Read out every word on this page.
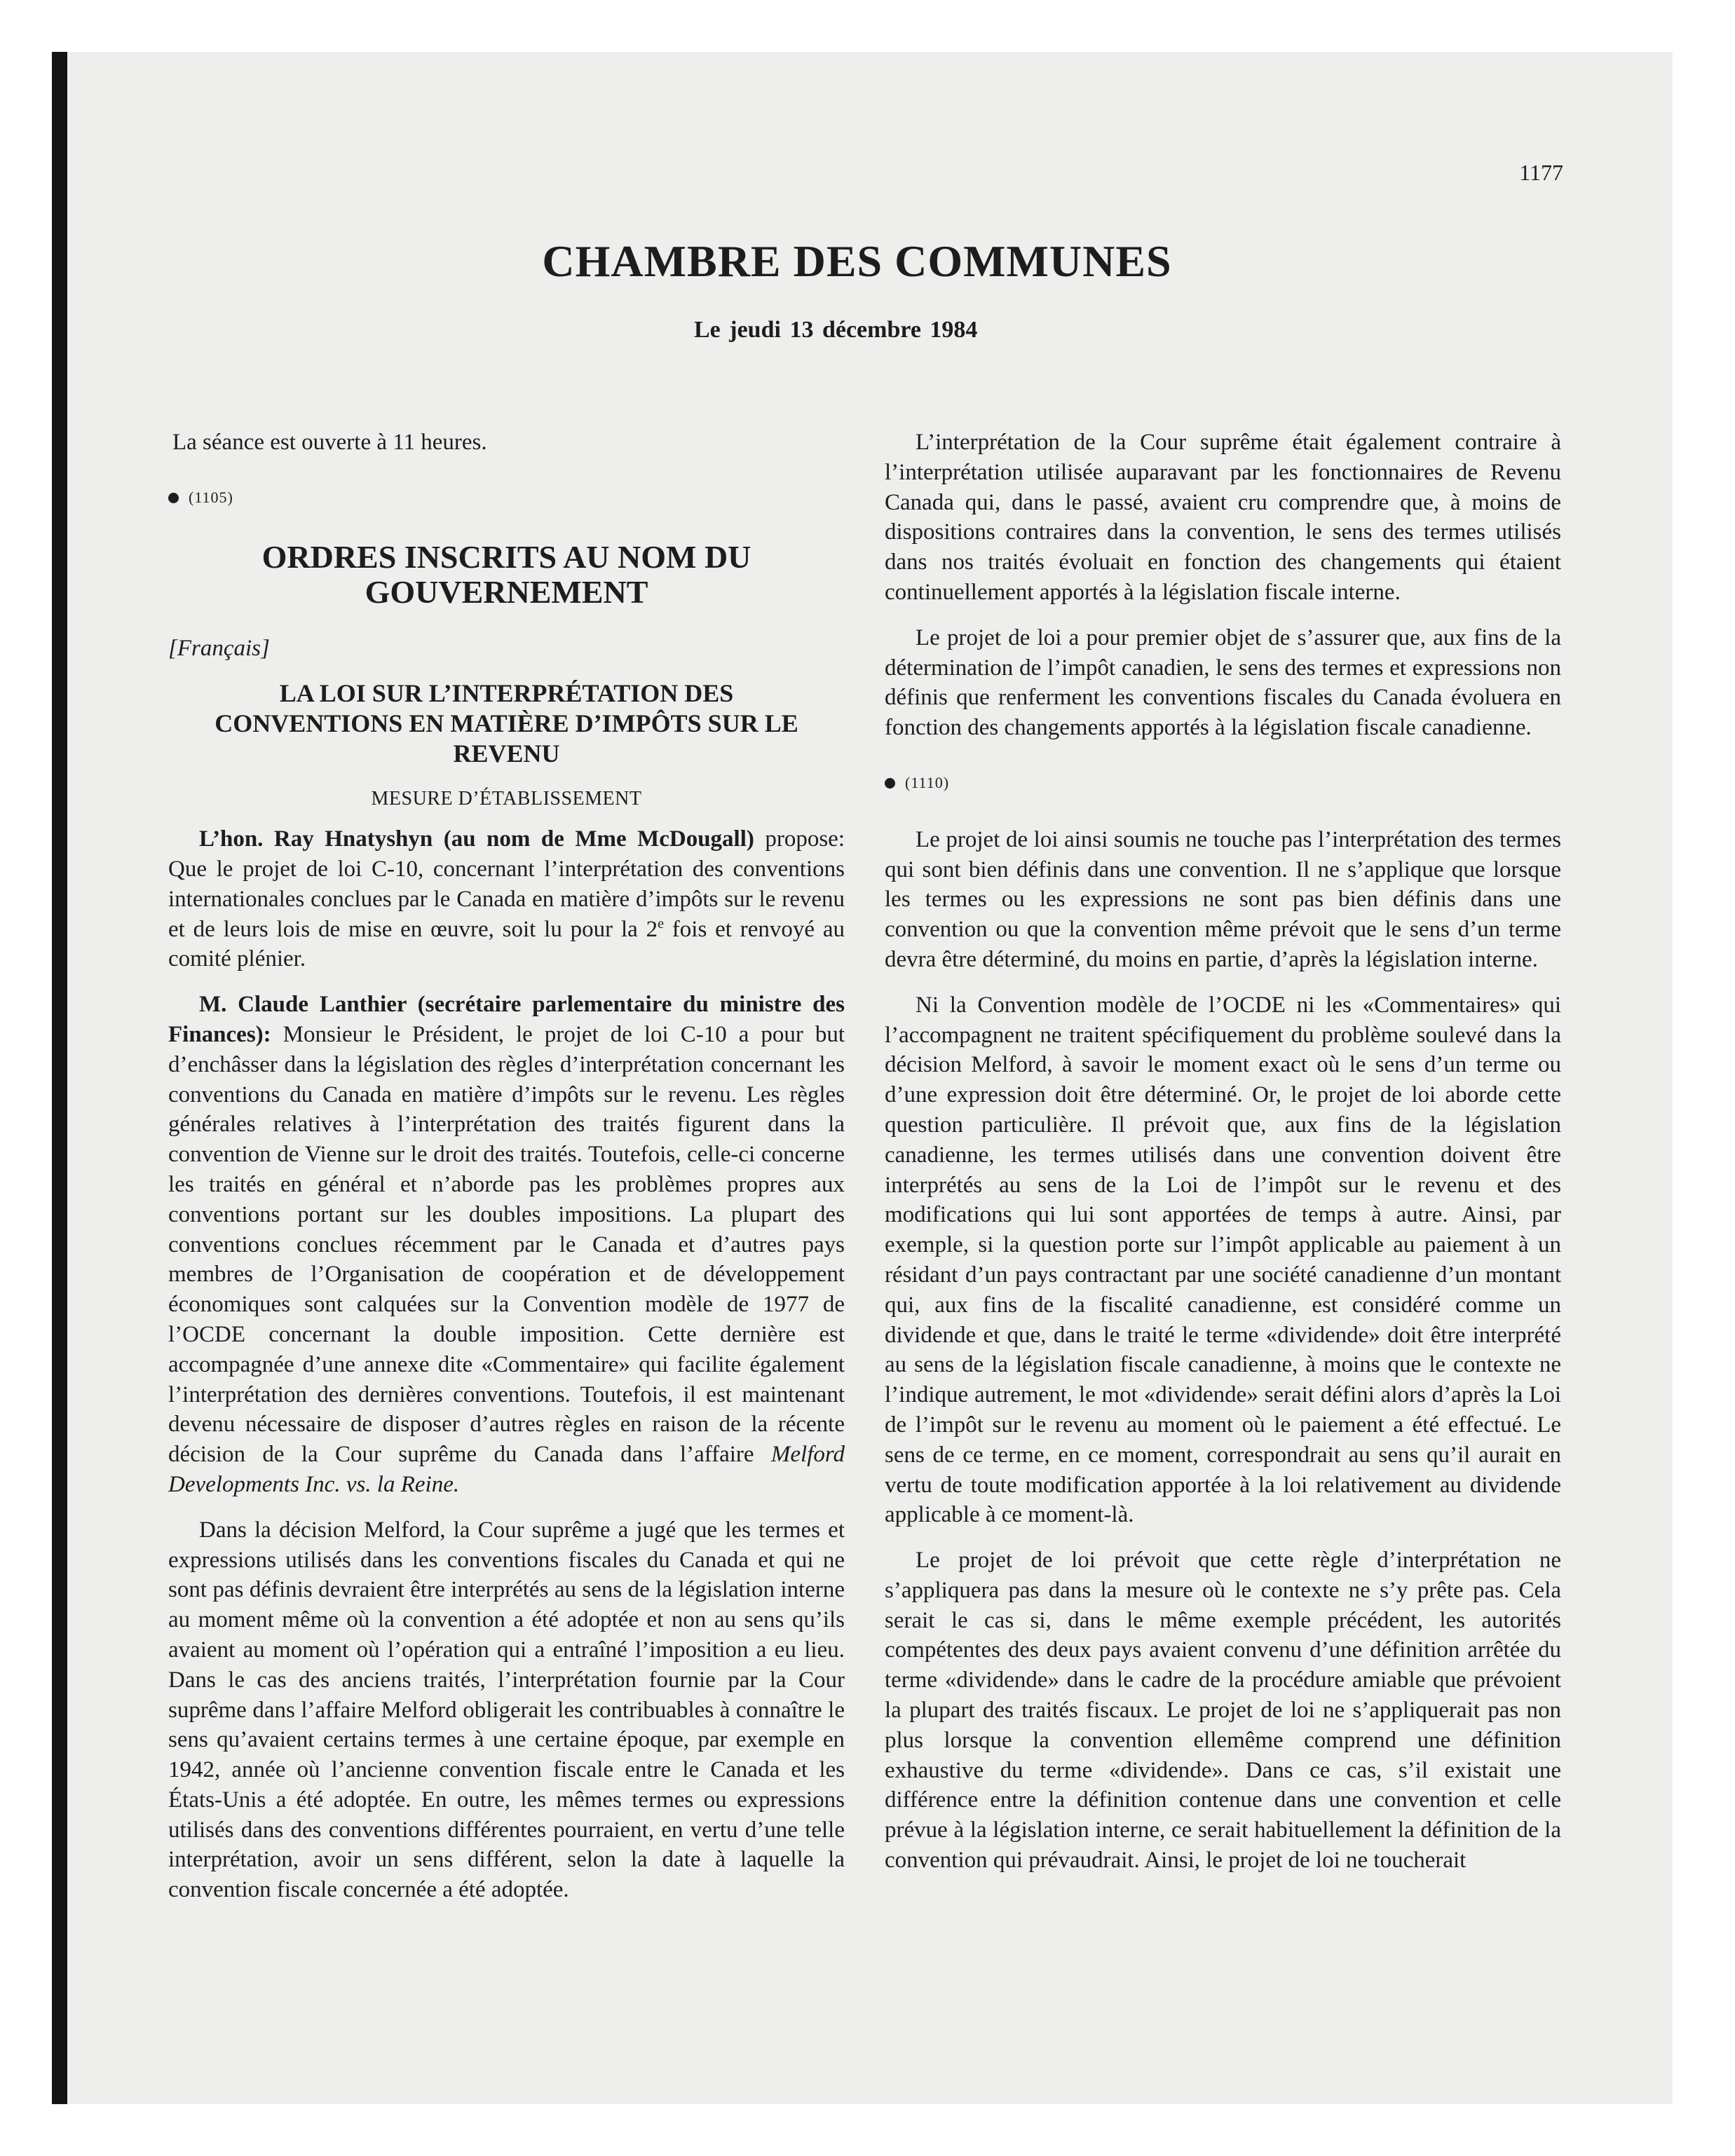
1177
CHAMBRE DES COMMUNES
Le jeudi 13 décembre 1984

La séance est ouverte à 11 heures.

(1105)
ORDRES INSCRITS AU NOM DU GOUVERNEMENT
[Français]
LA LOI SUR L’INTERPRÉTATION DES CONVENTIONS EN MATIÈRE D’IMPÔTS SUR LE REVENU
MESURE D’ÉTABLISSEMENT

L’hon. Ray Hnatyshyn (au nom de Mme McDougall) propose: Que le projet de loi C-10, concernant l’interprétation des conventions internationales conclues par le Canada en matière d’impôts sur le revenu et de leurs lois de mise en œuvre, soit lu pour la 2e fois et renvoyé au comité plénier.

M. Claude Lanthier (secrétaire parlementaire du ministre des Finances): Monsieur le Président, le projet de loi C-10 a pour but d’enchâsser dans la législation des règles d’interprétation concernant les conventions du Canada en matière d’impôts sur le revenu. Les règles générales relatives à l’interprétation des traités figurent dans la convention de Vienne sur le droit des traités. Toutefois, celle-ci concerne les traités en général et n’aborde pas les problèmes propres aux conventions portant sur les doubles impositions. La plupart des conventions conclues récemment par le Canada et d’autres pays membres de l’Organisation de coopération et de développement économiques sont calquées sur la Convention modèle de 1977 de l’OCDE concernant la double imposition. Cette dernière est accompagnée d’une annexe dite «Commentaire» qui facilite également l’interprétation des dernières conventions. Toutefois, il est maintenant devenu nécessaire de disposer d’autres règles en raison de la récente décision de la Cour suprême du Canada dans l’affaire Melford Developments Inc. vs. la Reine.

Dans la décision Melford, la Cour suprême a jugé que les termes et expressions utilisés dans les conventions fiscales du Canada et qui ne sont pas définis devraient être interprétés au sens de la législation interne au moment même où la convention a été adoptée et non au sens qu’ils avaient au moment où l’opération qui a entraîné l’imposition a eu lieu. Dans le cas des anciens traités, l’interprétation fournie par la Cour suprême dans l’affaire Melford obligerait les contribuables à connaître le sens qu’avaient certains termes à une certaine époque, par exemple en 1942, année où l’ancienne convention fiscale entre le Canada et les États-Unis a été adoptée. En outre, les mêmes termes ou expressions utilisés dans des conventions différentes pourraient, en vertu d’une telle interprétation, avoir un sens différent, selon la date à laquelle la convention fiscale concernée a été adoptée.

L’interprétation de la Cour suprême était également contraire à l’interprétation utilisée auparavant par les fonctionnaires de Revenu Canada qui, dans le passé, avaient cru comprendre que, à moins de dispositions contraires dans la convention, le sens des termes utilisés dans nos traités évoluait en fonction des changements qui étaient continuellement apportés à la législation fiscale interne.

Le projet de loi a pour premier objet de s’assurer que, aux fins de la détermination de l’impôt canadien, le sens des termes et expressions non définis que renferment les conventions fiscales du Canada évoluera en fonction des changements apportés à la législation fiscale canadienne.

(1110)

Le projet de loi ainsi soumis ne touche pas l’interprétation des termes qui sont bien définis dans une convention. Il ne s’applique que lorsque les termes ou les expressions ne sont pas bien définis dans une convention ou que la convention même prévoit que le sens d’un terme devra être déterminé, du moins en partie, d’après la législation interne.

Ni la Convention modèle de l’OCDE ni les «Commentaires» qui l’accompagnent ne traitent spécifiquement du problème soulevé dans la décision Melford, à savoir le moment exact où le sens d’un terme ou d’une expression doit être déterminé. Or, le projet de loi aborde cette question particulière. Il prévoit que, aux fins de la législation canadienne, les termes utilisés dans une convention doivent être interprétés au sens de la Loi de l’impôt sur le revenu et des modifications qui lui sont apportées de temps à autre. Ainsi, par exemple, si la question porte sur l’impôt applicable au paiement à un résidant d’un pays contractant par une société canadienne d’un montant qui, aux fins de la fiscalité canadienne, est considéré comme un dividende et que, dans le traité le terme «dividende» doit être interprété au sens de la législation fiscale canadienne, à moins que le contexte ne l’indique autrement, le mot «dividende» serait défini alors d’après la Loi de l’impôt sur le revenu au moment où le paiement a été effectué. Le sens de ce terme, en ce moment, correspondrait au sens qu’il aurait en vertu de toute modification apportée à la loi relativement au dividende applicable à ce moment-là.

Le projet de loi prévoit que cette règle d’interprétation ne s’appliquera pas dans la mesure où le contexte ne s’y prête pas. Cela serait le cas si, dans le même exemple précédent, les autorités compétentes des deux pays avaient convenu d’une définition arrêtée du terme «dividende» dans le cadre de la procédure amiable que prévoient la plupart des traités fiscaux. Le projet de loi ne s’appliquerait pas non plus lorsque la convention ellemême comprend une définition exhaustive du terme «dividende». Dans ce cas, s’il existait une différence entre la définition contenue dans une convention et celle prévue à la législation interne, ce serait habituellement la définition de la convention qui prévaudrait. Ainsi, le projet de loi ne toucherait
